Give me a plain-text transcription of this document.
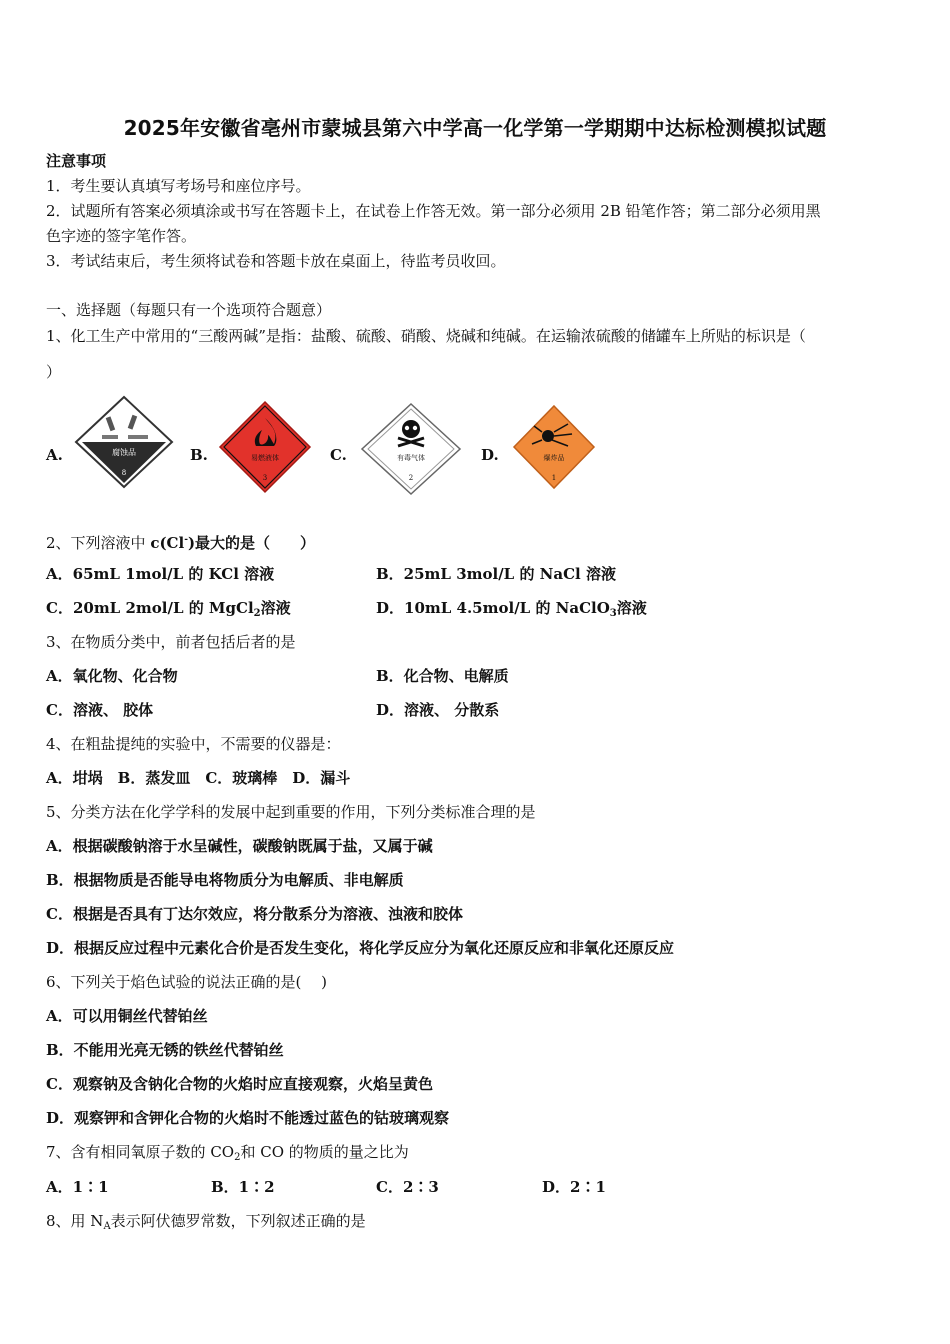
2025年安徽省亳州市蒙城县第六中学高一化学第一学期期中达标检测模拟试题
注意事项
1．考生要认真填写考场号和座位序号。
2．试题所有答案必须填涂或书写在答题卡上，在试卷上作答无效。第一部分必须用 2B 铅笔作答；第二部分必须用黑
色字迹的签字笔作答。
3．考试结束后，考生须将试卷和答题卡放在桌面上，待监考员收回。
一、选择题（每题只有一个选项符合题意）
1、化工生产中常用的“三酸两碱”是指：盐酸、硫酸、硝酸、烧碱和纯碱。在运输浓硫酸的储罐车上所贴的标识是（
）
A.	腐蚀品
8
B.	易燃液体
3
C.	有毒气体
2
D.	爆炸品
1
2、下列溶液中 c(Cl-)最大的是（　　）
A．65mL 1mol/L 的 KCl 溶液	B．25mL 3mol/L 的 NaCl 溶液
C．20mL 2mol/L 的 MgCl$_2$溶液	D．10mL 4.5mol/L 的 NaClO$_3$溶液
3、在物质分类中，前者包括后者的是
A．氧化物、化合物	B．化合物、电解质
C．溶液、 胶体	D．溶液、 分散系
4、在粗盐提纯的实验中，不需要的仪器是：
A．坩埚　B．蒸发皿　C．玻璃棒　D．漏斗
5、分类方法在化学学科的发展中起到重要的作用，下列分类标准合理的是
A．根据碳酸钠溶于水呈碱性，碳酸钠既属于盐，又属于碱
B．根据物质是否能导电将物质分为电解质、非电解质
C．根据是否具有丁达尔效应，将分散系分为溶液、浊液和胶体
D．根据反应过程中元素化合价是否发生变化，将化学反应分为氧化还原反应和非氧化还原反应
6、下列关于焰色试验的说法正确的是(　 )
A．可以用铜丝代替铂丝
B．不能用光亮无锈的铁丝代替铂丝
C．观察钠及含钠化合物的火焰时应直接观察，火焰呈黄色
D．观察钾和含钾化合物的火焰时不能透过蓝色的钴玻璃观察
7、含有相同氧原子数的 $CO_2$和 CO 的物质的量之比为
A．1∶1	B．1∶2	C．2∶3	D．2∶1
8、用 $N_A$表示阿伏德罗常数，下列叙述正确的是
